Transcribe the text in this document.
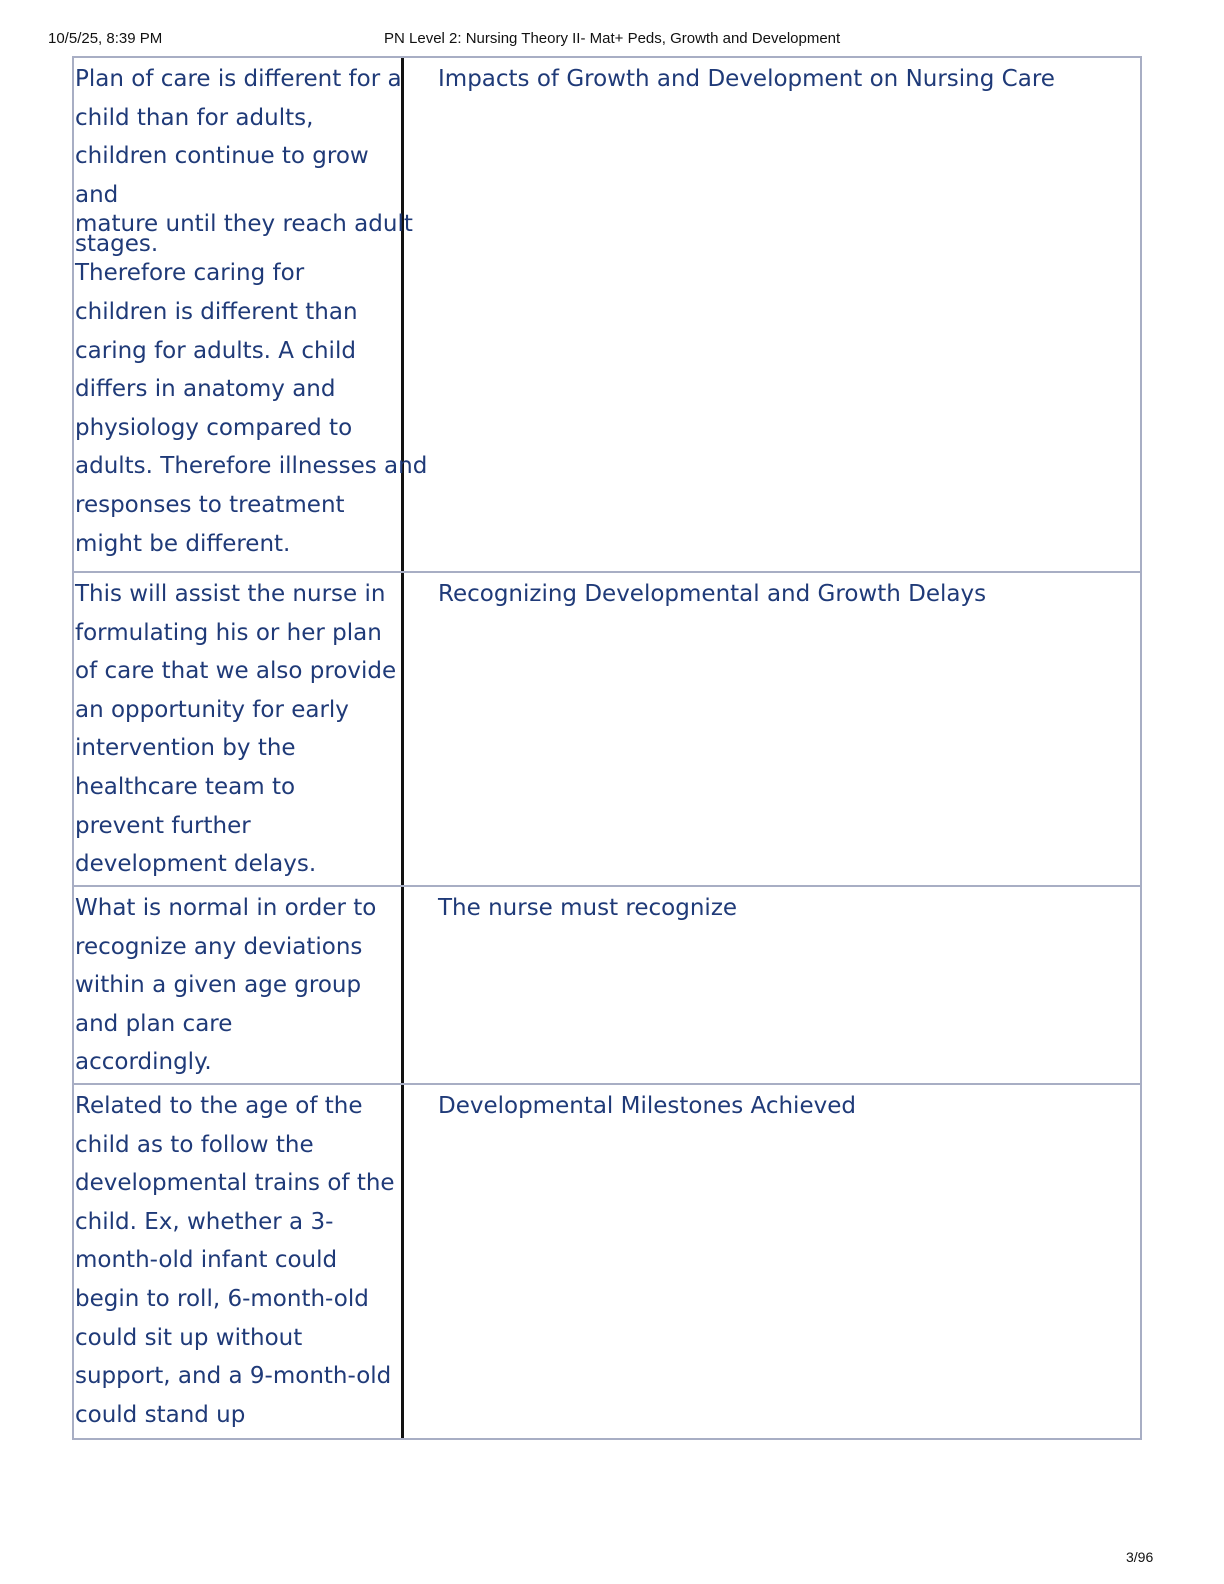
10/5/25, 8:39 PM	PN Level 2: Nursing Theory II- Mat+ Peds, Growth and Development
Plan of care is different for a
child than for adults,
children continue to grow
and
mature until they reach adult
stages.
Therefore caring for
children is different than
caring for adults. A child
differs in anatomy and
physiology compared to
adults. Therefore illnesses and
responses to treatment
might be different.
Impacts of Growth and Development on Nursing Care
This will assist the nurse in
formulating his or her plan
of care that we also provide
an opportunity for early
intervention by the
healthcare team to
prevent further
development delays.
Recognizing Developmental and Growth Delays
What is normal in order to
recognize any deviations
within a given age group
and plan care
accordingly.
The nurse must recognize
Related to the age of the
child as to follow the
developmental trains of the
child. Ex, whether a 3-
month-old infant could
begin to roll, 6-month-old
could sit up without
support, and a 9-month-old
could stand up
Developmental Milestones Achieved
3/96
